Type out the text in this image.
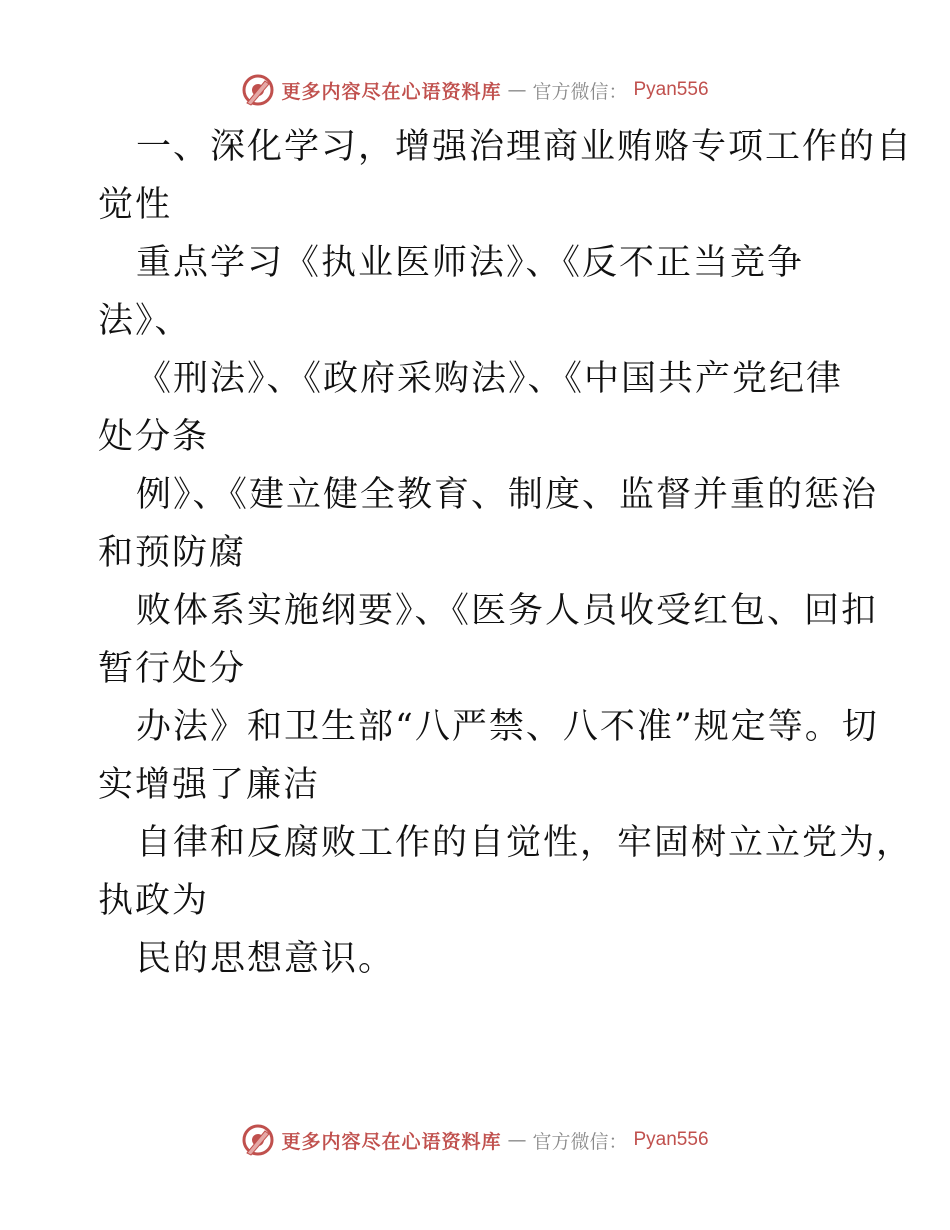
更多内容尽在心语资料库 — 官方微信： Pyan556
一、深化学习，增强治理商业贿赂专项工作的自
觉性
重点学习《执业医师法》、《反不正当竞争
法》、
《刑法》、《政府采购法》、《中国共产党纪律
处分条
例》、《建立健全教育、制度、监督并重的惩治
和预防腐
败体系实施纲要》、《医务人员收受红包、回扣
暂行处分
办法》和卫生部“八严禁、八不准”规定等。切
实增强了廉洁
自律和反腐败工作的自觉性，牢固树立立党为，
执政为
民的思想意识。
更多内容尽在心语资料库 — 官方微信： Pyan556
